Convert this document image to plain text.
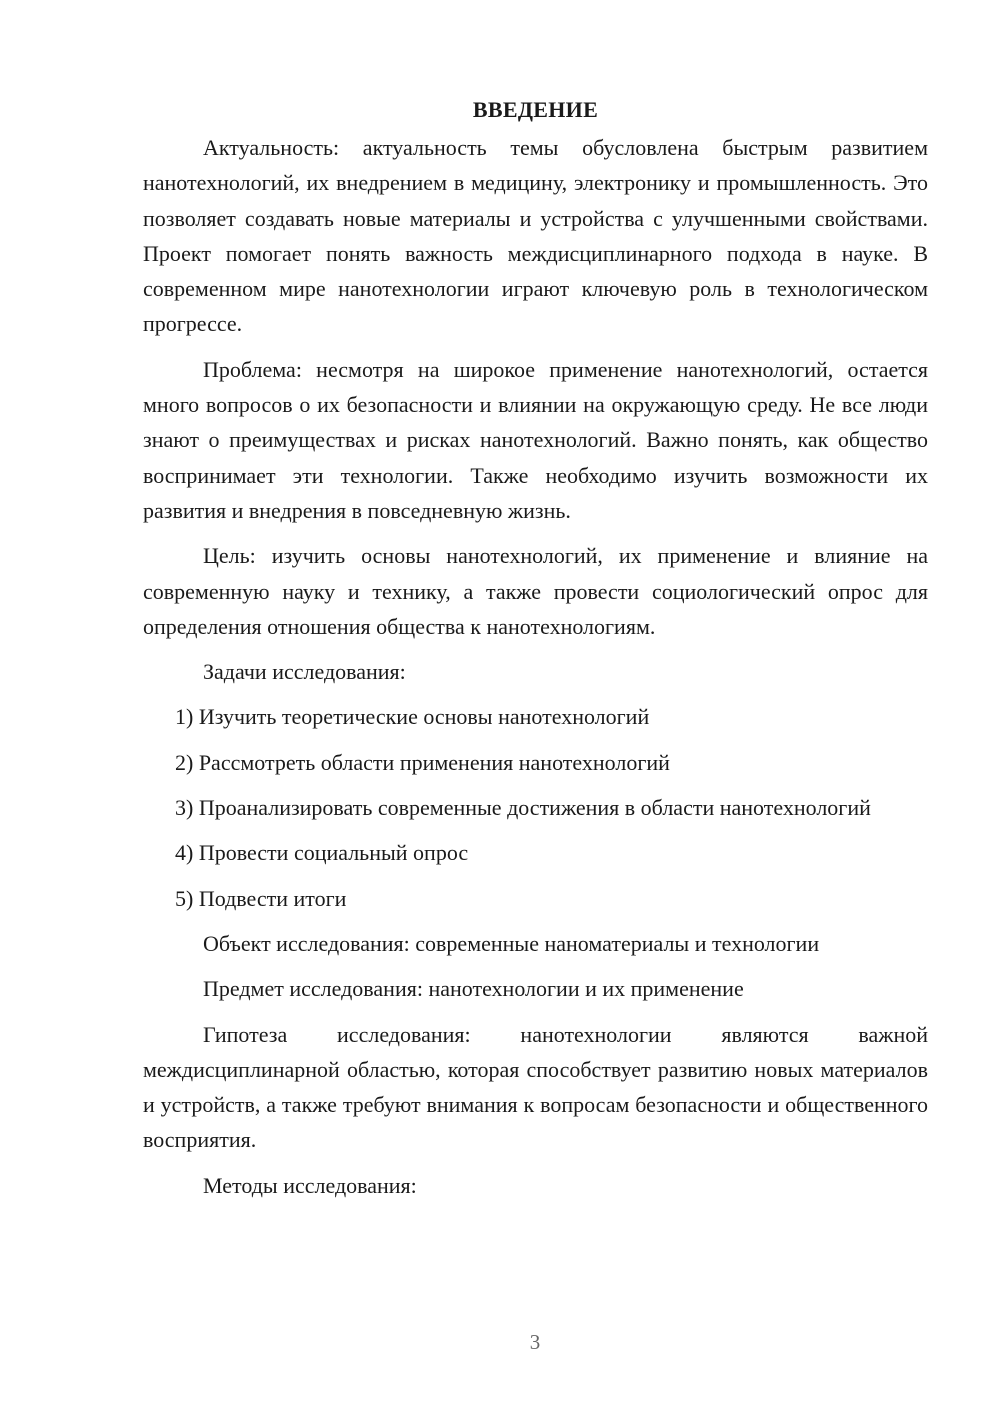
ВВЕДЕНИЕ

Актуальность: актуальность темы обусловлена быстрым развитием нанотехнологий, их внедрением в медицину, электронику и промышленность. Это позволяет создавать новые материалы и устройства с улучшенными свойствами. Проект помогает понять важность междисциплинарного подхода в науке. В современном мире нанотехнологии играют ключевую роль в технологическом прогрессе.

Проблема: несмотря на широкое применение нанотехнологий, остается много вопросов о их безопасности и влиянии на окружающую среду. Не все люди знают о преимуществах и рисках нанотехнологий. Важно понять, как общество воспринимает эти технологии. Также необходимо изучить возможности их развития и внедрения в повседневную жизнь.

Цель: изучить основы нанотехнологий, их применение и влияние на современную науку и технику, а также провести социологический опрос для определения отношения общества к нанотехнологиям.

Задачи исследования:

1) Изучить теоретические основы нанотехнологий

2) Рассмотреть области применения нанотехнологий

3) Проанализировать современные достижения в области нанотехнологий

4) Провести социальный опрос

5) Подвести итоги

Объект исследования: современные наноматериалы и технологии

Предмет исследования: нанотехнологии и их применение

Гипотеза исследования: нанотехнологии являются важной междисциплинарной областью, которая способствует развитию новых материалов и устройств, а также требуют внимания к вопросам безопасности и общественного восприятия.

Методы исследования:

3
